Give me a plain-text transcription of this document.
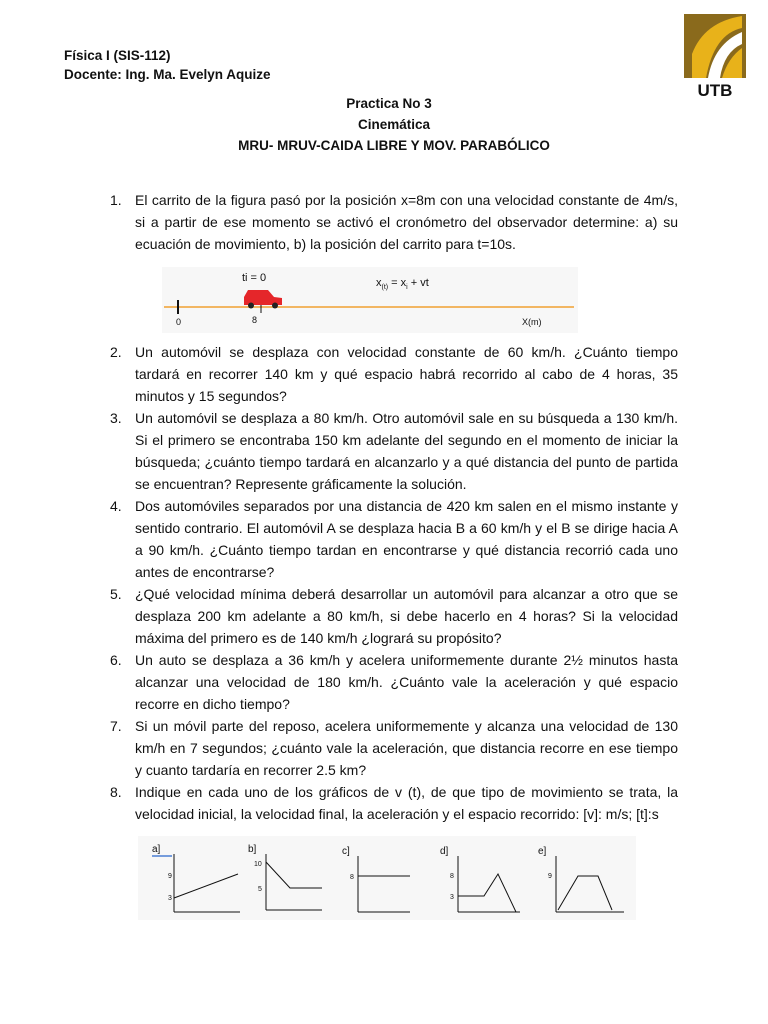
Física I (SIS-112)
Docente: Ing. Ma. Evelyn Aquize
UTB
Practica No 3
Cinemática
MRU- MRUV-CAIDA LIBRE Y MOV. PARABÓLICO
1. El carrito de la figura pasó por la posición x=8m con una velocidad constante de 4m/s, si a partir de ese momento se activó el cronómetro del observador determine: a) su ecuación de movimiento, b) la posición del carrito para t=10s.
ti = 0	$x_{(t)} = x_i$ + vt
0	8	X(m)
2. Un automóvil se desplaza con velocidad constante de 60 km/h. ¿Cuánto tiempo tardará en recorrer 140 km y qué espacio habrá recorrido al cabo de 4 horas, 35 minutos y 15 segundos?
3. Un automóvil se desplaza a 80 km/h. Otro automóvil sale en su búsqueda a 130 km/h. Si el primero se encontraba 150 km adelante del segundo en el momento de iniciar la búsqueda; ¿cuánto tiempo tardará en alcanzarlo y a qué distancia del punto de partida se encuentran? Represente gráficamente la solución.
4. Dos automóviles separados por una distancia de 420 km salen en el mismo instante y sentido contrario. El automóvil A se desplaza hacia B a 60 km/h y el B se dirige hacia A a 90 km/h. ¿Cuánto tiempo tardan en encontrarse y qué distancia recorrió cada uno antes de encontrarse?
5. ¿Qué velocidad mínima deberá desarrollar un automóvil para alcanzar a otro que se desplaza 200 km adelante a 80 km/h, si debe hacerlo en 4 horas? Si la velocidad máxima del primero es de 140 km/h ¿logrará su propósito?
6. Un auto se desplaza a 36 km/h y acelera uniformemente durante 2½ minutos hasta alcanzar una velocidad de 180 km/h. ¿Cuánto vale la aceleración y qué espacio recorre en dicho tiempo?
7. Si un móvil parte del reposo, acelera uniformemente y alcanza una velocidad de 130 km/h en 7 segundos; ¿cuánto vale la aceleración, que distancia recorre en ese tiempo y cuanto tardaría en recorrer 2.5 km?
8. Indique en cada uno de los gráficos de v (t), de que tipo de movimiento se trata, la velocidad inicial, la velocidad final, la aceleración y el espacio recorrido: [v]: m/s; [t]:s
a]
9
3
b]
10
5
c]
8
d]
8
3
e]
9
